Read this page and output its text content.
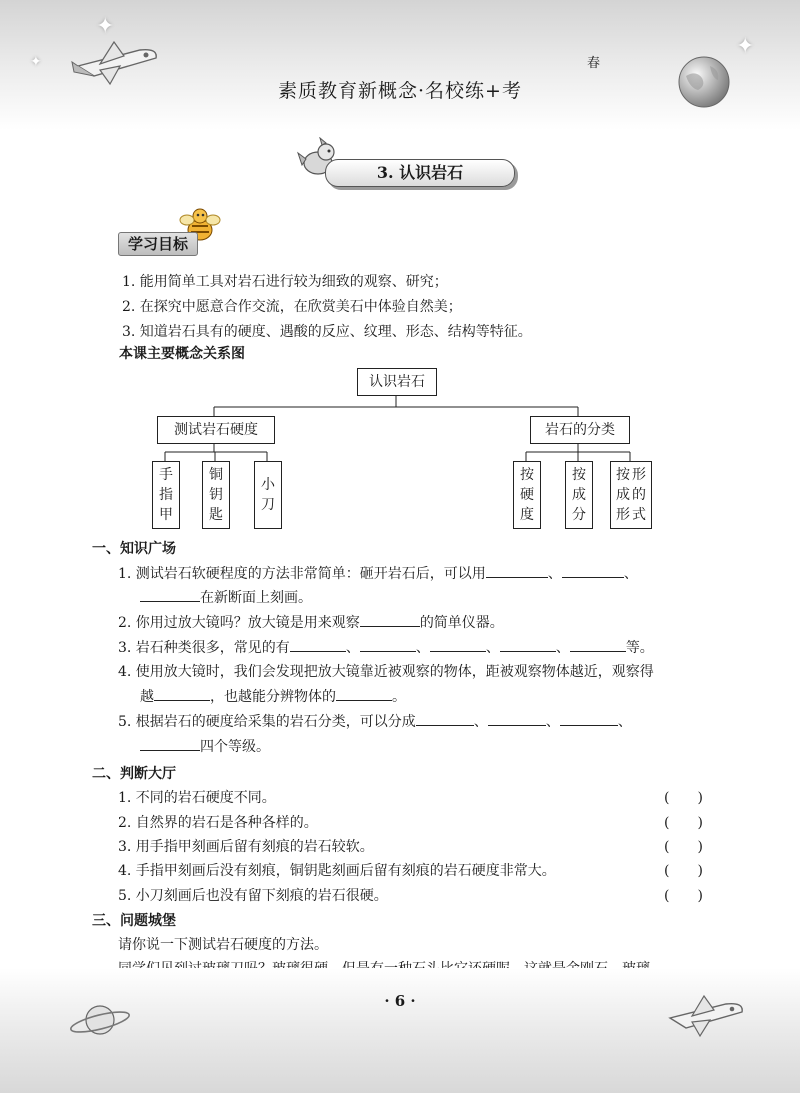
✦
✦
✦
素质教育新概念·名校练+考
春
3. 认识岩石
学习目标
1. 能用简单工具对岩石进行较为细致的观察、研究；
2. 在探究中愿意合作交流，在欣赏美石中体验自然美；
3. 知道岩石具有的硬度、遇酸的反应、纹理、形态、结构等特征。
本课主要概念关系图
认识岩石
测试岩石硬度	岩石的分类
手
指
甲
铜
钥
匙
小
刀
按
硬
度
按
成
分
按
成
形
形
的
式
一、知识广场
1. 测试岩石软硬程度的方法非常简单：砸开岩石后，可以用	、	、
在新断面上刻画。
2. 你用过放大镜吗？放大镜是用来观察	的简单仪器。
3. 岩石种类很多，常见的有	、	、	、	、	等。
4. 使用放大镜时，我们会发现把放大镜靠近被观察的物体，距被观察物体越近，观察得
越	，也越能分辨物体的	。
5. 根据岩石的硬度给采集的岩石分类，可以分成	、	、	、
四个等级。
二、判断大厅
1. 不同的岩石硬度不同。	(　　)
2. 自然界的岩石是各种各样的。	(　　)
3. 用手指甲刻画后留有刻痕的岩石较软。	(　　)
4. 手指甲刻画后没有刻痕，铜钥匙刻画后留有刻痕的岩石硬度非常大。	(　　)
5. 小刀刻画后也没有留下刻痕的岩石很硬。	(　　)
三、问题城堡
请你说一下测试岩石硬度的方法。
· 6 ·
